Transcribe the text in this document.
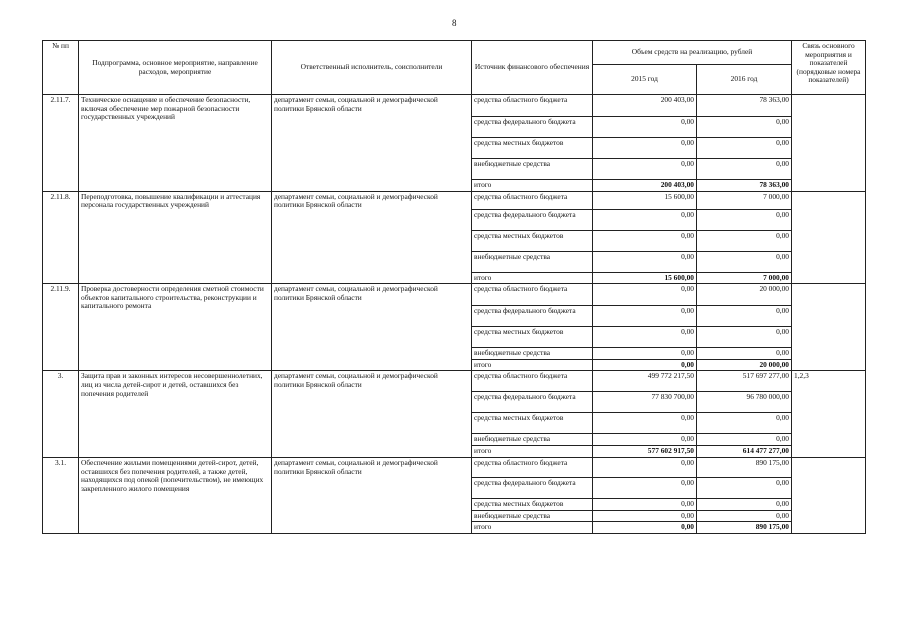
8
№ пп	Подпрограмма, основное мероприятие, направление расходов, мероприятие	Ответственный исполнитель, соисполнители	Источник финансового обеспечения	Объем средств на реализацию, рублей		Связь основного мероприятия и показателей (порядковые номера показателей)
				2015 год	2016 год	
2.11.7.	Техническое оснащение и обеспечение безопасности, включая обеспечение мер пожарной безопасности государственных учреждений	департамент семьи, социальной и демографической политики Брянской области	средства областного бюджета	200 403,00	78 363,00	
			средства федерального бюджета	0,00	0,00	
			средства местных бюджетов	0,00	0,00	
			внебюджетные средства	0,00	0,00	
			итого	200 403,00	78 363,00	
2.11.8.	Переподготовка, повышение квалификации и аттестация персонала государственных учреждений	департамент семьи, социальной и демографической политики Брянской области	средства областного бюджета	15 600,00	7 000,00	
			средства федерального бюджета	0,00	0,00	
			средства местных бюджетов	0,00	0,00	
			внебюджетные средства	0,00	0,00	
			итого	15 600,00	7 000,00	
2.11.9.	Проверка достоверности определения сметной стоимости объектов капитального строительства, реконструкции и капитального ремонта	департамент семьи, социальной и демографической политики Брянской области	средства областного бюджета	0,00	20 000,00	
			средства федерального бюджета	0,00	0,00	
			средства местных бюджетов	0,00	0,00	
			внебюджетные средства	0,00	0,00	
			итого	0,00	20 000,00	
3.	Защита прав и законных интересов несовершеннолетних, лиц из числа детей-сирот и детей, оставшихся без попечения родителей	департамент семьи, социальной и демографической политики Брянской области	средства областного бюджета	499 772 217,50	517 697 277,00	1,2,3
			средства федерального бюджета	77 830 700,00	96 780 000,00	
			средства местных бюджетов	0,00	0,00	
			внебюджетные средства	0,00	0,00	
			итого	577 602 917,50	614 477 277,00	
3.1.	Обеспечение жилыми помещениями детей-сирот, детей, оставшихся без попечения родителей, а также детей, находящихся под опекой (попечительством), не имеющих закрепленного жилого помещения	департамент семьи, социальной и демографической политики Брянской области	средства областного бюджета	0,00	890 175,00	
			средства федерального бюджета	0,00	0,00	
			средства местных бюджетов	0,00	0,00	
			внебюджетные средства	0,00	0,00	
			итого	0,00	890 175,00	
